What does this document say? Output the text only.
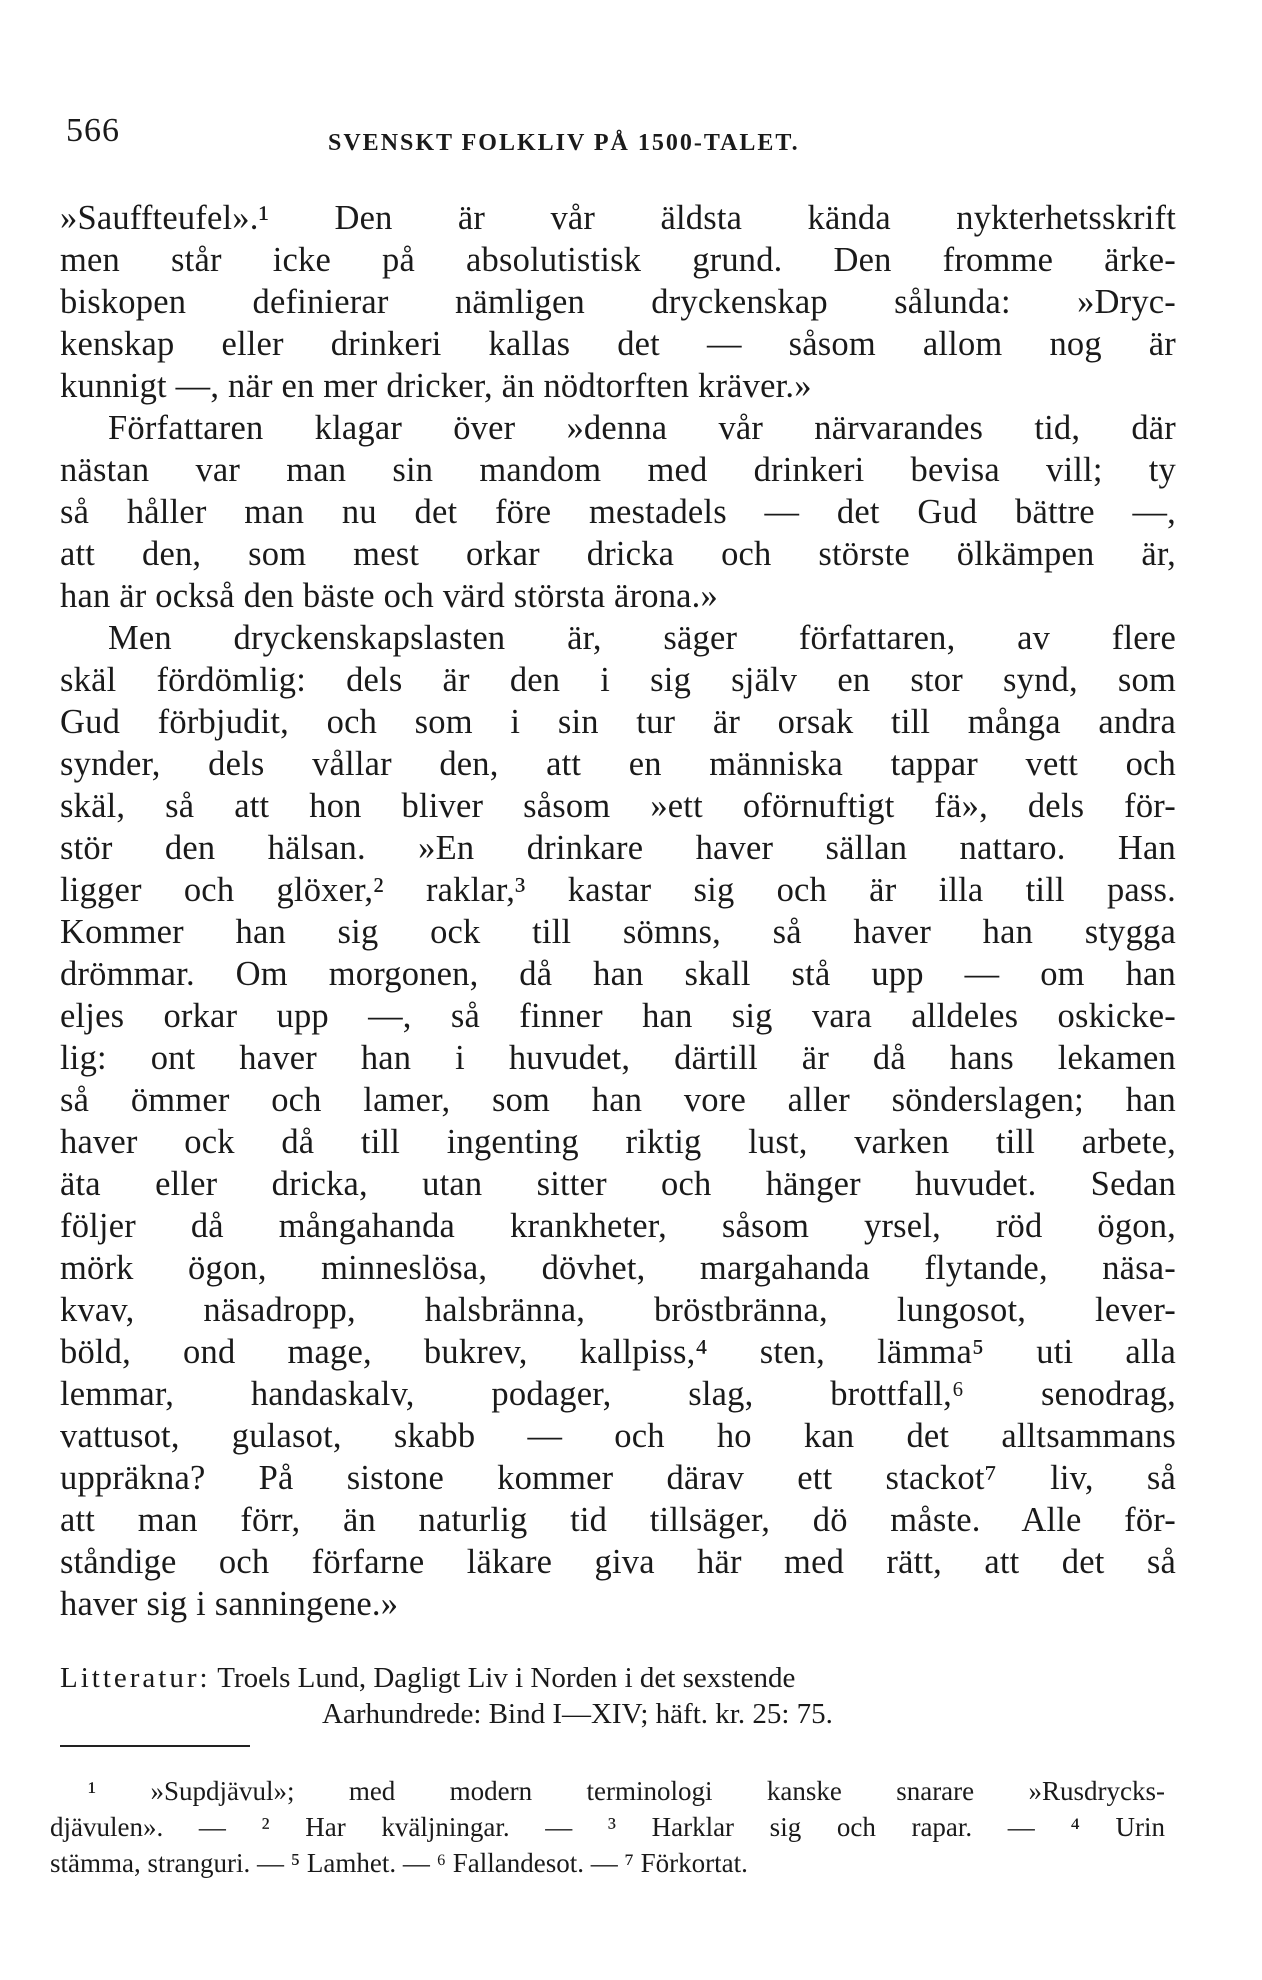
566	SVENSKT FOLKLIV PÅ 1500-TALET.
»Sauffteufel».¹ Den är vår äldsta kända nykterhetsskrift
men står icke på absolutistisk grund. Den fromme ärke-
biskopen definierar nämligen dryckenskap sålunda: »Dryc-
kenskap eller drinkeri kallas det — såsom allom nog är
kunnigt —, när en mer dricker, än nödtorften kräver.»
Författaren klagar över »denna vår närvarandes tid, där
nästan var man sin mandom med drinkeri bevisa vill; ty
så håller man nu det före mestadels — det Gud bättre —,
att den, som mest orkar dricka och störste ölkämpen är,
han är också den bäste och värd största ärona.»
Men dryckenskapslasten är, säger författaren, av flere
skäl fördömlig: dels är den i sig själv en stor synd, som
Gud förbjudit, och som i sin tur är orsak till många andra
synder, dels vållar den, att en människa tappar vett och
skäl, så att hon bliver såsom »ett oförnuftigt fä», dels för-
stör den hälsan. »En drinkare haver sällan nattaro. Han
ligger och glöxer,² raklar,³ kastar sig och är illa till pass.
Kommer han sig ock till sömns, så haver han stygga
drömmar. Om morgonen, då han skall stå upp — om han
eljes orkar upp —, så finner han sig vara alldeles oskicke-
lig: ont haver han i huvudet, därtill är då hans lekamen
så ömmer och lamer, som han vore aller sönderslagen; han
haver ock då till ingenting riktig lust, varken till arbete,
äta eller dricka, utan sitter och hänger huvudet. Sedan
följer då mångahanda krankheter, såsom yrsel, röd ögon,
mörk ögon, minneslösa, dövhet, margahanda flytande, näsa-
kvav, näsadropp, halsbränna, bröstbränna, lungosot, lever-
böld, ond mage, bukrev, kallpiss,⁴ sten, lämma⁵ uti alla
lemmar, handaskalv, podager, slag, brottfall,⁶ senodrag,
vattusot, gulasot, skabb — och ho kan det alltsammans
uppräkna? På sistone kommer därav ett stackot⁷ liv, så
att man förr, än naturlig tid tillsäger, dö måste. Alle för-
ståndige och förfarne läkare giva här med rätt, att det så
haver sig i sanningene.»
Litteratur: Troels Lund, Dagligt Liv i Norden i det sexstende
Aarhundrede: Bind I—XIV; häft. kr. 25: 75.
¹ »Supdjävul»; med modern terminologi kanske snarare »Rusdrycks-
djävulen». — ² Har kväljningar. — ³ Harklar sig och rapar. — ⁴ Urin
stämma, stranguri. — ⁵ Lamhet. — ⁶ Fallandesot. — ⁷ Förkortat.
